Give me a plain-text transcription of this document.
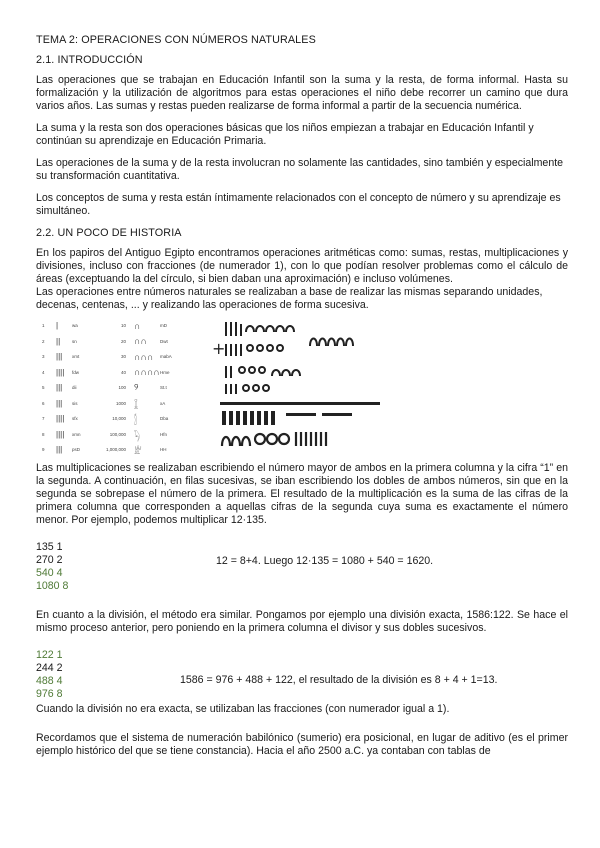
TEMA 2: OPERACIONES CON NÚMEROS NATURALES
2.1. INTRODUCCIÓN

Las operaciones que se trabajan en Educación Infantil son la suma y la resta, de forma informal. Hasta su formalización y la utilización de algoritmos para estas operaciones el niño debe recorrer un camino que dura varios años. Las sumas y restas pueden realizarse de forma informal a partir de la secuencia numérica.

La suma y la resta son dos operaciones básicas que los niños empiezan a trabajar en Educación Infantil y continúan su aprendizaje en Educación Primaria.

Las operaciones de la suma y de la resta involucran no solamente las cantidades, sino también y especialmente su transformación cuantitativa.

Los conceptos de suma y resta están íntimamente relacionados con el concepto de número y su aprendizaje es simultáneo.

2.2. UN POCO DE HISTORIA

En los papiros del Antiguo Egipto encontramos operaciones aritméticas como: sumas, restas, multiplicaciones y divisiones, incluso con fracciones (de numerador 1), con lo que podían resolver problemas como el cálculo de áreas (exceptuando la del círculo, si bien daban una aproximación) e incluso volúmenes.

Las operaciones entre números naturales se realizaban a base de realizar las mismas separando unidades, decenas, centenas, ... y realizando las operaciones de forma sucesiva.

1	|	wa	10 ∩	mD
2	||	sn	20 ∩∩	Dwt
3	|||	xmt	30 ∩∩∩	mabA
4	||||	fdw	40 ∩∩∩∩ Hme
5	|||	dii	100 ୨	St.t
6	|||	sis	1000 𓆼	xA
7	||||	sfx	10,000 𓂭	Dba
8	||||	xmn	100,000 𓆐	Hfn
9	|||	psD	1,000,000 𓁨	HH
+

Las multiplicaciones se realizaban escribiendo el número mayor de ambos en la primera columna y la cifra “1” en la segunda. A continuación, en filas sucesivas, se iban escribiendo los dobles de ambos números, sin que en la segunda se sobrepase el número de la primera. El resultado de la multiplicación es la suma de las cifras de la primera columna que corresponden a aquellas cifras de la segunda cuya suma es exactamente el número menor. Por ejemplo, podemos multiplicar 12·135.

135 1
270 2
540 4
1080 8
12 = 8+4. Luego 12·135 = 1080 + 540 = 1620.

En cuanto a la división, el método era similar. Pongamos por ejemplo una división exacta, 1586:122. Se hace el mismo proceso anterior, pero poniendo en la primera columna el divisor y sus dobles sucesivos.

122 1
244 2
488 4
976 8
1586 = 976 + 488 + 122, el resultado de la división es 8 + 4 + 1=13.

Cuando la división no era exacta, se utilizaban las fracciones (con numerador igual a 1).

Recordamos que el sistema de numeración babilónico (sumerio) era posicional, en lugar de aditivo (es el primer ejemplo histórico del que se tiene constancia). Hacia el año 2500 a.C. ya contaban con tablas de
